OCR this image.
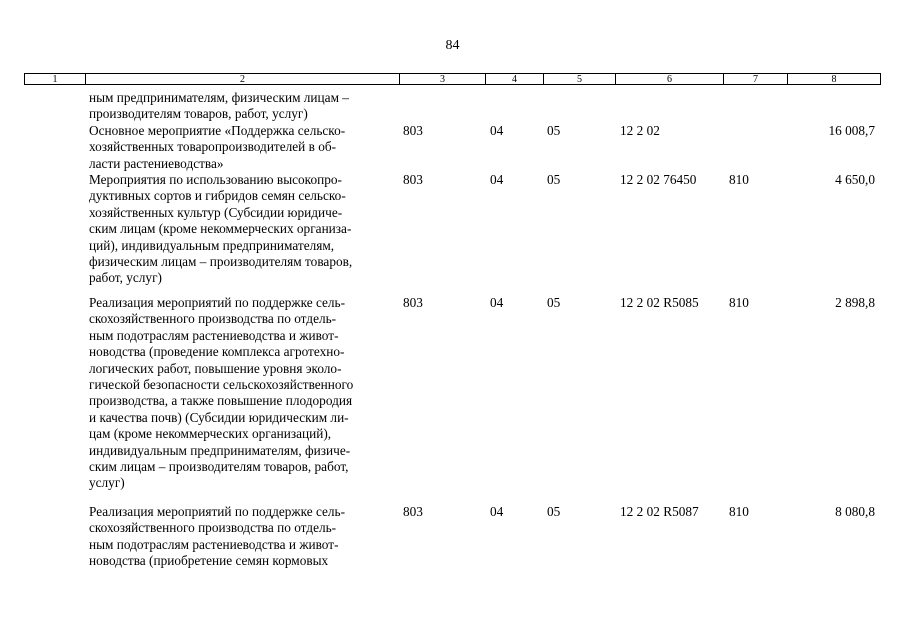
84
1	2	3	4	5	6	7	8
ным предпринимателям, физическим лицам –
производителям товаров, работ, услуг)
Основное мероприятие «Поддержка сельско-
хозяйственных товаропроизводителей в об-
ласти растениеводства»
803	04	05	12 2 02	16 008,7
Мероприятия по использованию высокопро-
дуктивных сортов и гибридов семян сельско-
хозяйственных культур (Субсидии юридиче-
ским лицам (кроме некоммерческих организа-
ций), индивидуальным предпринимателям,
физическим лицам – производителям товаров,
работ, услуг)
803	04	05	12 2 02 76450 810	4 650,0
Реализация мероприятий по поддержке сель-
скохозяйственного производства по отдель-
ным подотраслям растениеводства и живот-
новодства (проведение комплекса агротехно-
логических работ, повышение уровня эколо-
гической безопасности сельскохозяйственного
производства, а также повышение плодородия
и качества почв) (Субсидии юридическим ли-
цам (кроме некоммерческих организаций),
индивидуальным предпринимателям, физиче-
ским лицам – производителям товаров, работ,
услуг)
803	04	05	12 2 02 R5085 810	2 898,8
Реализация мероприятий по поддержке сель-
скохозяйственного производства по отдель-
ным подотраслям растениеводства и живот-
новодства (приобретение семян кормовых
803	04	05	12 2 02 R5087 810	8 080,8
